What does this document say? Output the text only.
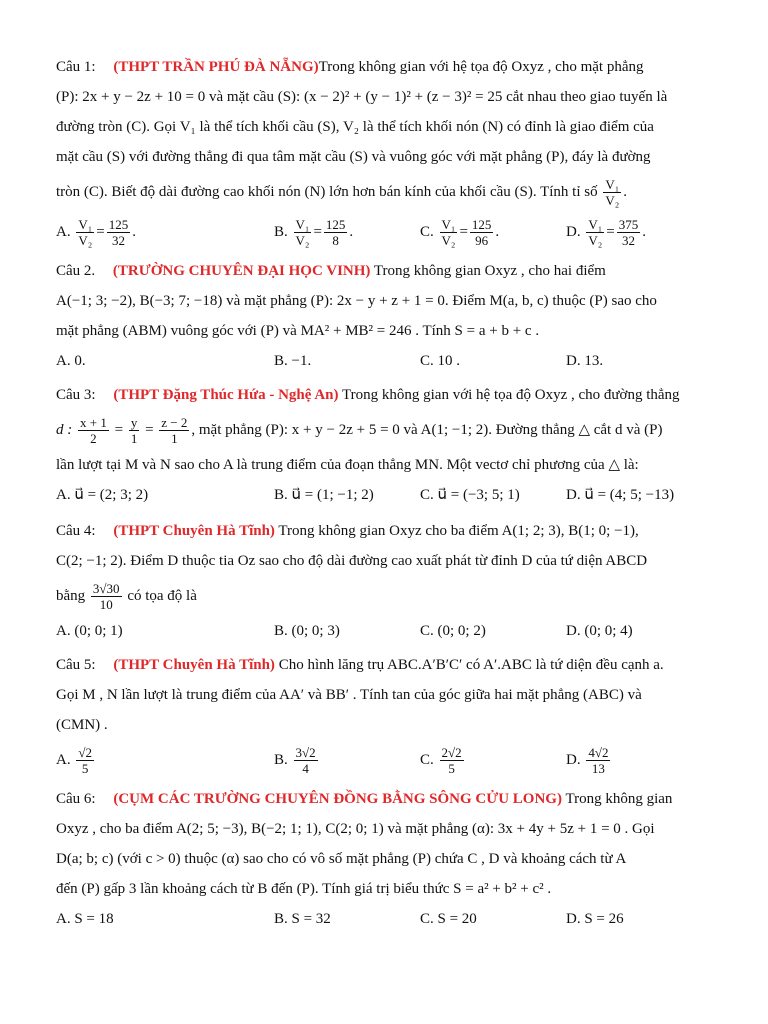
Câu 1: (THPT TRẦN PHÚ ĐÀ NẴNG)Trong không gian với hệ tọa độ Oxyz , cho mặt phẳng
(P): 2x + y − 2z + 10 = 0 và mặt cầu (S): (x − 2)² + (y − 1)² + (z − 3)² = 25 cắt nhau theo giao tuyến là
đường tròn (C). Gọi V₁ là thể tích khối cầu (S), V₂ là thể tích khối nón (N) có đỉnh là giao điểm của
mặt cầu (S) với đường thẳng đi qua tâm mặt cầu (S) và vuông góc với mặt phẳng (P), đáy là đường
tròn (C). Biết độ dài đường cao khối nón (N) lớn hơn bán kính của khối cầu (S). Tính tỉ số $\frac{\text{V₁}}{\text{V₂}}$ .
A.
$\frac{\text{V₁}}{\text{V₂}} = \frac{125}{32}$ .	B.
$\frac{\text{V₁}}{\text{V₂}} = \frac{125}{8}$ .	C.
$\frac{\text{V₁}}{\text{V₂}} = \frac{125}{96}$ .	D.
$\frac{\text{V₁}}{\text{V₂}} = \frac{375}{32}$ .
Câu 2. (TRƯỜNG CHUYÊN ĐẠI HỌC VINH) Trong không gian Oxyz , cho hai điểm
A(−1; 3; −2), B(−3; 7; −18) và mặt phẳng (P): 2x − y + z + 1 = 0. Điểm M(a, b, c) thuộc (P) sao cho
mặt phẳng (ABM) vuông góc với (P) và MA² + MB² = 246 . Tính S = a + b + c .
A. 0.	B. −1.	C. 10 .	D. 13.
Câu 3: (THPT Đặng Thúc Hứa - Nghệ An) Trong không gian với hệ tọa độ Oxyz , cho đường thẳng
d : $\frac{x + 1}{2} = \frac{y}{1} = \frac{z - 2}{1}$ , mặt phẳng (P): x + y − 2z + 5 = 0 và A(1; −1; 2). Đường thẳng △ cắt d và (P)
lần lượt tại M và N sao cho A là trung điểm của đoạn thẳng MN. Một vectơ chỉ phương của △ là:
A. u⃗ = (2; 3; 2)	B. u⃗ = (1; −1; 2)	C. u⃗ = (−3; 5; 1)	D. u⃗ = (4; 5; −13)
Câu 4: (THPT Chuyên Hà Tĩnh) Trong không gian Oxyz cho ba điểm A(1; 2; 3), B(1; 0; −1),
C(2; −1; 2). Điểm D thuộc tia Oz sao cho độ dài đường cao xuất phát từ đỉnh D của tứ diện ABCD
bằng $\frac{3√30}{10}$ có tọa độ là
A. (0; 0; 1)	B. (0; 0; 3)	C. (0; 0; 2)	D. (0; 0; 4)
Câu 5: (THPT Chuyên Hà Tĩnh) Cho hình lăng trụ ABC.A′B′C′ có A′.ABC là tứ diện đều cạnh a.
Gọi M , N lần lượt là trung điểm của AA′ và BB′ . Tính tan của góc giữa hai mặt phẳng (ABC) và
(CMN) .
A.
$\frac{√2}{5}$	B.
$\frac{3√2}{4}$	C.
$\frac{2√2}{5}$	D.
$\frac{4√2}{13}$
Câu 6: (CỤM CÁC TRƯỜNG CHUYÊN ĐỒNG BẰNG SÔNG CỬU LONG) Trong không gian
Oxyz , cho ba điểm A(2; 5; −3), B(−2; 1; 1), C(2; 0; 1) và mặt phẳng (α): 3x + 4y + 5z + 1 = 0 . Gọi
D(a; b; c) (với c > 0) thuộc (α) sao cho có vô số mặt phẳng (P) chứa C , D và khoảng cách từ A
đến (P) gấp 3 lần khoảng cách từ B đến (P). Tính giá trị biểu thức S = a² + b² + c² .
A. S = 18	B. S = 32	C. S = 20	D. S = 26
